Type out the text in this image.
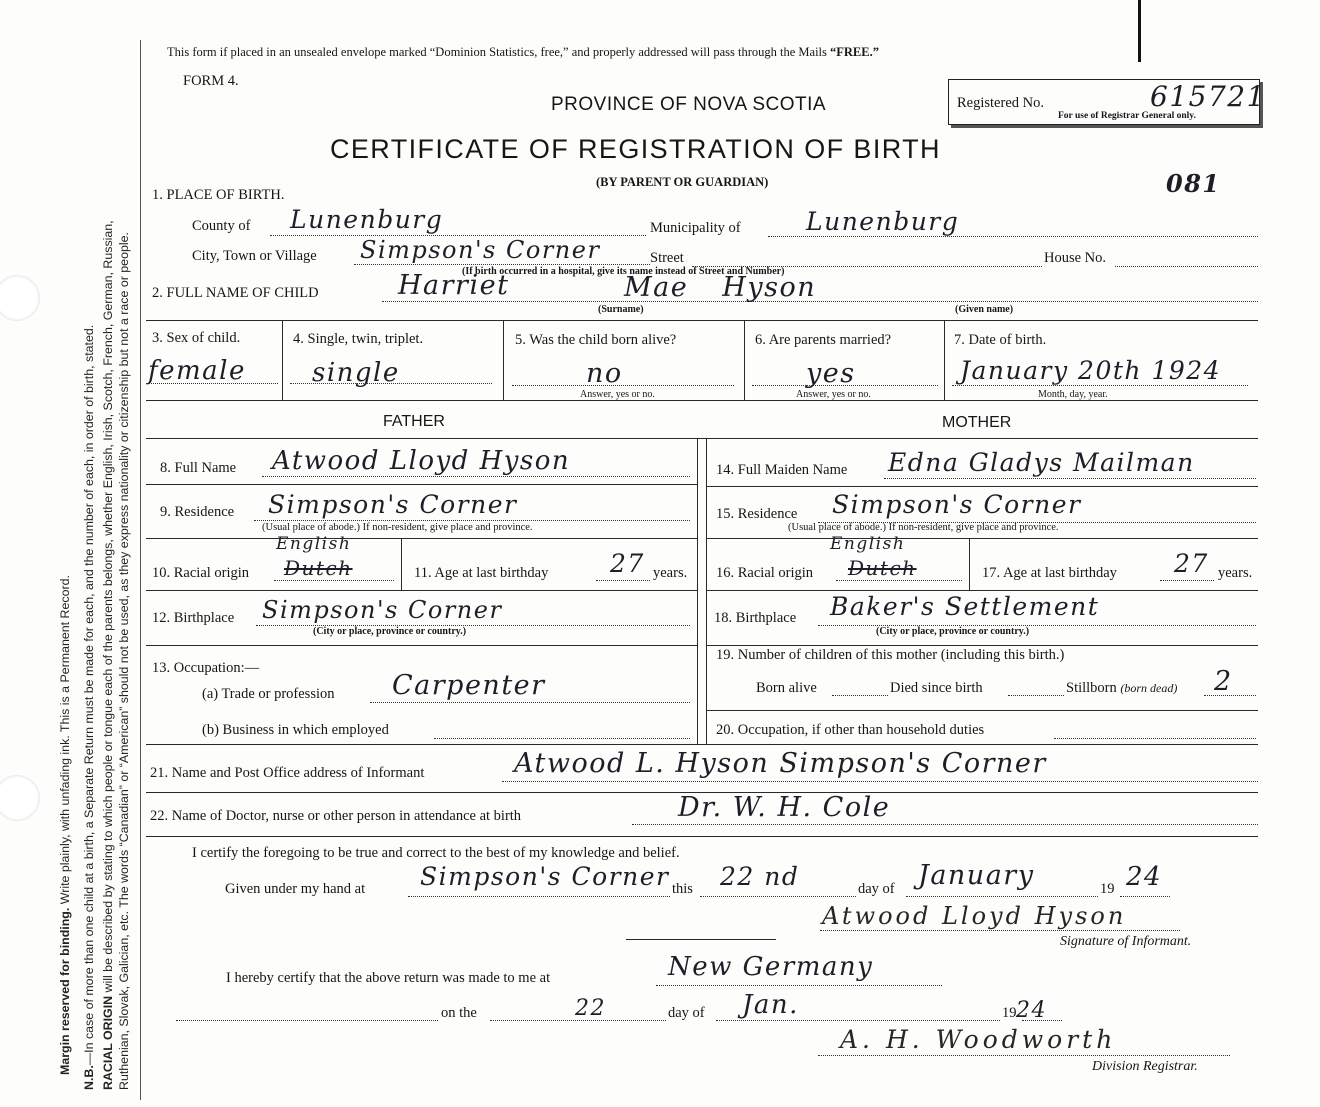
Margin reserved for binding. Write plainly, with unfading ink. This is a Permanent Record.
N.B.—In case of more than one child at a birth, a Separate Return must be made for each, and the number of each, in order of birth, stated. RACIAL ORIGIN will be described by stating to which people or tongue each of the parents belongs, whether English, Irish, Scotch, French, German, Russian, Ruthenian, Slovak, Galician, etc. The words “Canadian” or “American” should not be used, as they express nationality or citizenship but not a race or people.
This form if placed in an unsealed envelope marked “Dominion Statistics, free,” and properly addressed will pass through the Mails “FREE.”
FORM 4.
PROVINCE OF NOVA SCOTIA
CERTIFICATE OF REGISTRATION OF BIRTH
(BY PARENT OR GUARDIAN)
Registered No.	615721
For use of Registrar General only.
081
1. PLACE OF BIRTH.
County of Lunenburg	Municipality of	Lunenburg
City, Town or Village Simpson's Corner	Street	House No.
(If birth occurred in a hospital, give its name instead of Street and Number)
2. FULL NAME OF CHILD	Harriet	Mae Hyson
(Surname)	(Given name)
3. Sex of child.
female
4. Single, twin, triplet.
single
5. Was the child born alive?
no
Answer, yes or no.
6. Are parents married?
yes
Answer, yes or no.
7. Date of birth.
January 20th 1924
Month, day, year.
FATHER	MOTHER
8. Full Name Atwood Lloyd Hyson
9. Residence Simpson's Corner
(Usual place of abode.) If non-resident, give place and province.
10. Racial origin Dutch
English
11. Age at last birthday 27 years.
12. Birthplace Simpson's Corner
(City or place, province or country.)
13. Occupation:—
(a) Trade or profession Carpenter
(b) Business in which employed
14. Full Maiden Name Edna Gladys Mailman
15. Residence Simpson's Corner
(Usual place of abode.) If non-resident, give place and province.
16. Racial origin Dutch
English
17. Age at last birthday 27 years.
18. Birthplace Baker's Settlement
(City or place, province or country.)
19. Number of children of this mother (including this birth.)
Born alive	Died since birth	Stillborn (born dead) 2
20. Occupation, if other than household duties
21. Name and Post Office address of Informant	Atwood L. Hyson Simpson's Corner
22. Name of Doctor, nurse or other person in attendance at birth	Dr. W. H. Cole
I certify the foregoing to be true and correct to the best of my knowledge and belief.
Given under my hand at Simpson's Corner this 22 nd	day of January	19 24
Atwood Lloyd Hyson
Signature of Informant.
I hereby certify that the above return was made to me at	New Germany
on the	22	day of Jan.	19 24
A. H. Woodworth
Division Registrar.
